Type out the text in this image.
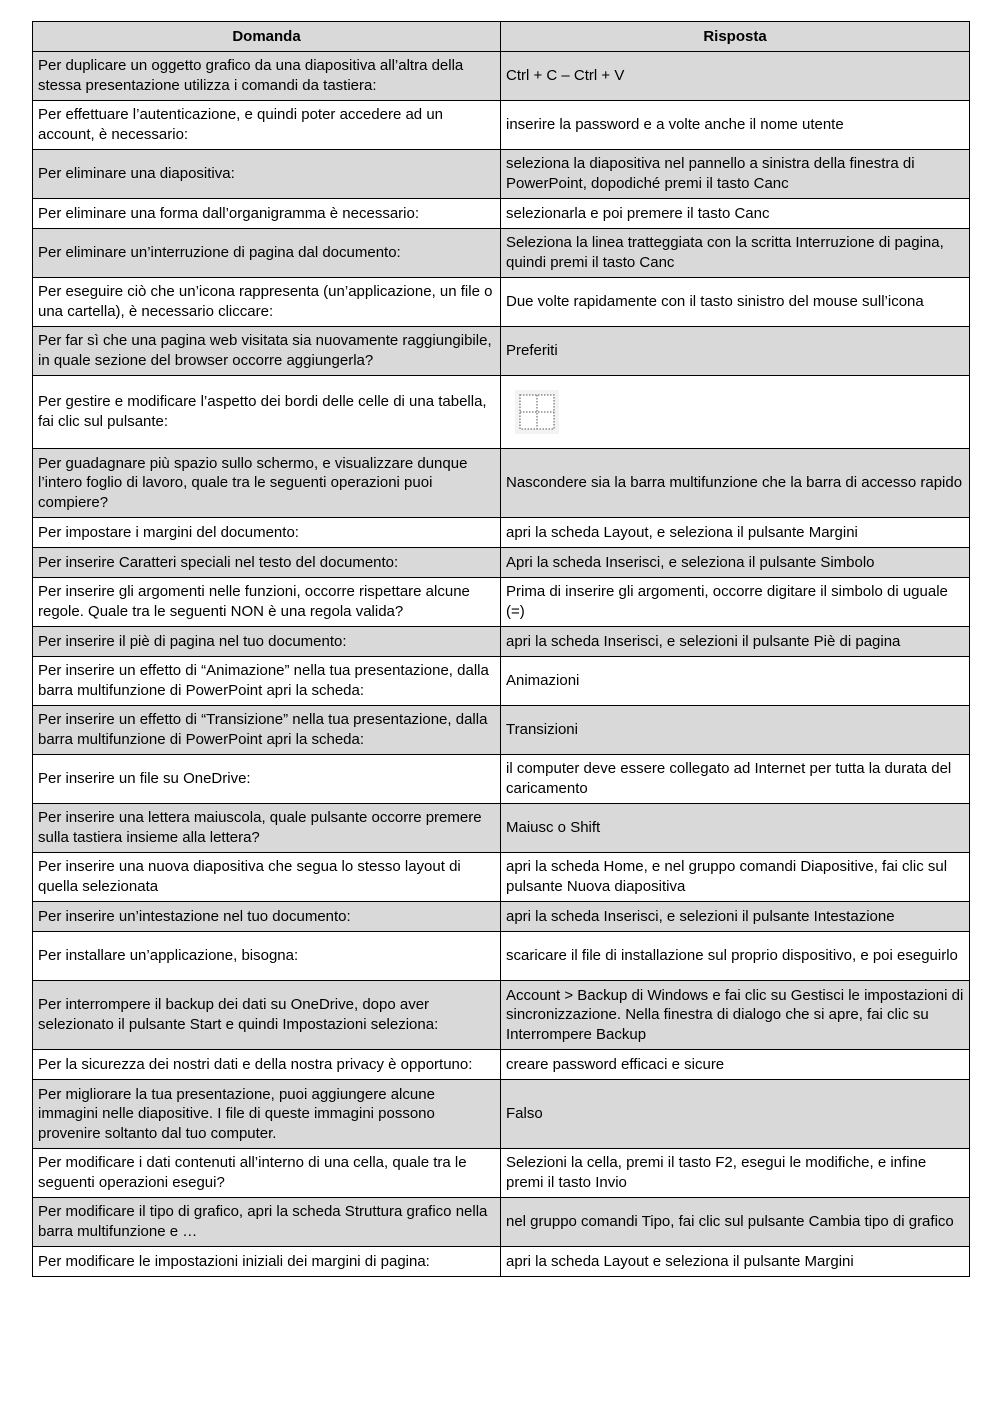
Domanda	Risposta
Per duplicare un oggetto grafico da una diapositiva all’altra della stessa presentazione utilizza i comandi da tastiera:	Ctrl + C – Ctrl + V
Per effettuare l’autenticazione, e quindi poter accedere ad un account, è necessario:	inserire la password e a volte anche il nome utente
Per eliminare una diapositiva:	seleziona la diapositiva nel pannello a sinistra della finestra di PowerPoint, dopodiché premi il tasto Canc
Per eliminare una forma dall’organigramma è necessario:	selezionarla e poi premere il tasto Canc
Per eliminare un’interruzione di pagina dal documento:	Seleziona la linea tratteggiata con la scritta Interruzione di pagina, quindi premi il tasto Canc
Per eseguire ciò che un’icona rappresenta (un’applicazione, un file o una cartella), è necessario cliccare:	Due volte rapidamente con il tasto sinistro del mouse sull’icona
Per far sì che una pagina web visitata sia nuovamente raggiungibile, in quale sezione del browser occorre aggiungerla?	Preferiti
Per gestire e modificare l’aspetto dei bordi delle celle di una tabella, fai clic sul pulsante:	

Per guadagnare più spazio sullo schermo, e visualizzare dunque l’intero foglio di lavoro, quale tra le seguenti operazioni puoi compiere?	Nascondere sia la barra multifunzione che la barra di accesso rapido
Per impostare i margini del documento:	apri la scheda Layout, e seleziona il pulsante Margini
Per inserire Caratteri speciali nel testo del documento:	Apri la scheda Inserisci, e seleziona il pulsante Simbolo
Per inserire gli argomenti nelle funzioni, occorre rispettare alcune regole. Quale tra le seguenti NON è una regola valida?	Prima di inserire gli argomenti, occorre digitare il simbolo di uguale (=)
Per inserire il piè di pagina nel tuo documento:	apri la scheda Inserisci, e selezioni il pulsante Piè di pagina
Per inserire un effetto di “Animazione” nella tua presentazione, dalla barra multifunzione di PowerPoint apri la scheda:	Animazioni
Per inserire un effetto di “Transizione” nella tua presentazione, dalla barra multifunzione di PowerPoint apri la scheda:	Transizioni
Per inserire un file su OneDrive:	il computer deve essere collegato ad Internet per tutta la durata del caricamento
Per inserire una lettera maiuscola, quale pulsante occorre premere sulla tastiera insieme alla lettera?	Maiusc o Shift
Per inserire una nuova diapositiva che segua lo stesso layout di quella selezionata	apri la scheda Home, e nel gruppo comandi Diapositive, fai clic sul pulsante Nuova diapositiva
Per inserire un’intestazione nel tuo documento:	apri la scheda Inserisci, e selezioni il pulsante Intestazione
Per installare un’applicazione, bisogna:	scaricare il file di installazione sul proprio dispositivo, e poi eseguirlo
Per interrompere il backup dei dati su OneDrive, dopo aver selezionato il pulsante Start e quindi Impostazioni seleziona:	Account > Backup di Windows e fai clic su Gestisci le impostazioni di sincronizzazione. Nella finestra di dialogo che si apre, fai clic su Interrompere Backup
Per la sicurezza dei nostri dati e della nostra privacy è opportuno:	creare password efficaci e sicure
Per migliorare la tua presentazione, puoi aggiungere alcune immagini nelle diapositive. I file di queste immagini possono provenire soltanto dal tuo computer.	Falso
Per modificare i dati contenuti all’interno di una cella, quale tra le seguenti operazioni esegui?	Selezioni la cella, premi il tasto F2, esegui le modifiche, e infine premi il tasto Invio
Per modificare il tipo di grafico, apri la scheda Struttura grafico nella barra multifunzione e …	nel gruppo comandi Tipo, fai clic sul pulsante Cambia tipo di grafico
Per modificare le impostazioni iniziali dei margini di pagina:	apri la scheda Layout e seleziona il pulsante Margini
